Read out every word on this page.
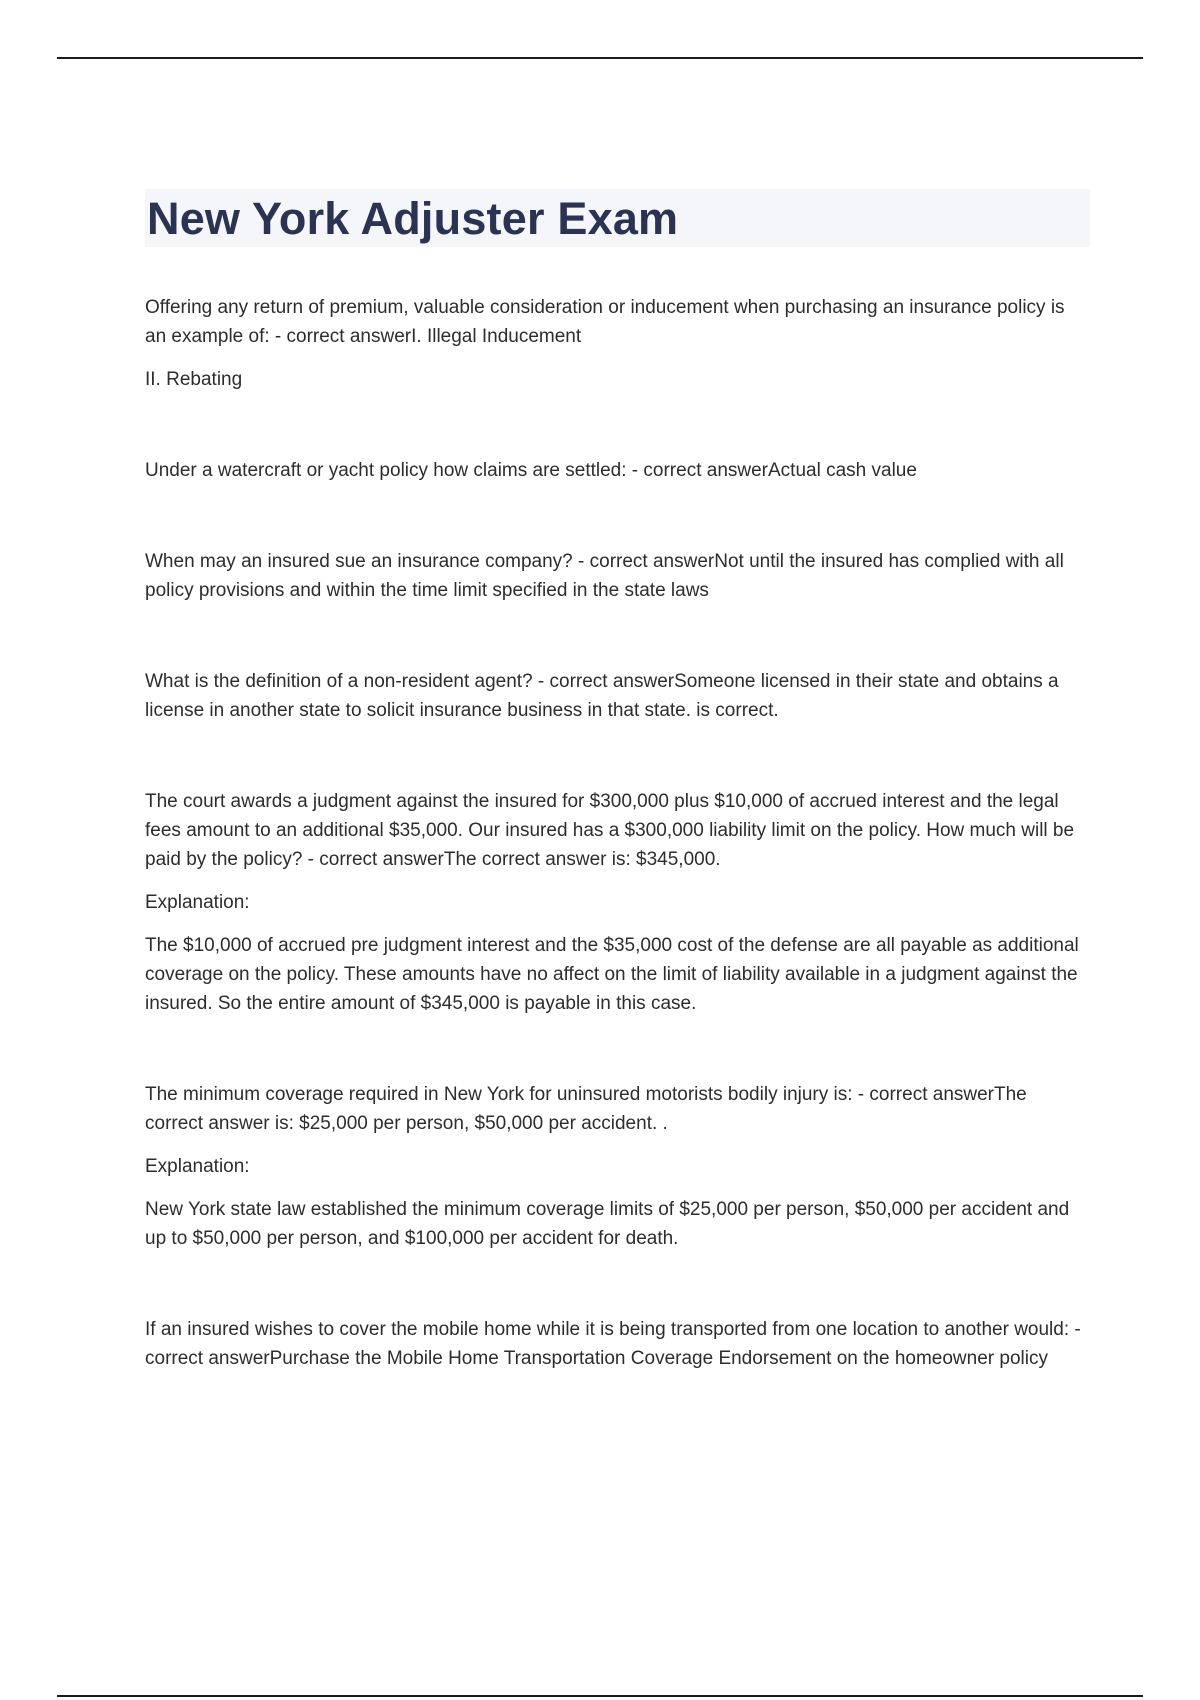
New York Adjuster Exam

Offering any return of premium, valuable consideration or inducement when purchasing an insurance policy is an example of: - correct answerI. Illegal Inducement

II. Rebating

Under a watercraft or yacht policy how claims are settled: - correct answerActual cash value

When may an insured sue an insurance company? - correct answerNot until the insured has complied with all policy provisions and within the time limit specified in the state laws

What is the definition of a non-resident agent? - correct answerSomeone licensed in their state and obtains a license in another state to solicit insurance business in that state. is correct.

The court awards a judgment against the insured for $300,000 plus $10,000 of accrued interest and the legal fees amount to an additional $35,000. Our insured has a $300,000 liability limit on the policy. How much will be paid by the policy? - correct answerThe correct answer is: $345,000.

Explanation:

The $10,000 of accrued pre judgment interest and the $35,000 cost of the defense are all payable as additional coverage on the policy. These amounts have no affect on the limit of liability available in a judgment against the insured. So the entire amount of $345,000 is payable in this case.

The minimum coverage required in New York for uninsured motorists bodily injury is: - correct answerThe correct answer is: $25,000 per person, $50,000 per accident. .

Explanation:

New York state law established the minimum coverage limits of $25,000 per person, $50,000 per accident and up to $50,000 per person, and $100,000 per accident for death.

If an insured wishes to cover the mobile home while it is being transported from one location to another would: - correct answerPurchase the Mobile Home Transportation Coverage Endorsement on the homeowner policy
